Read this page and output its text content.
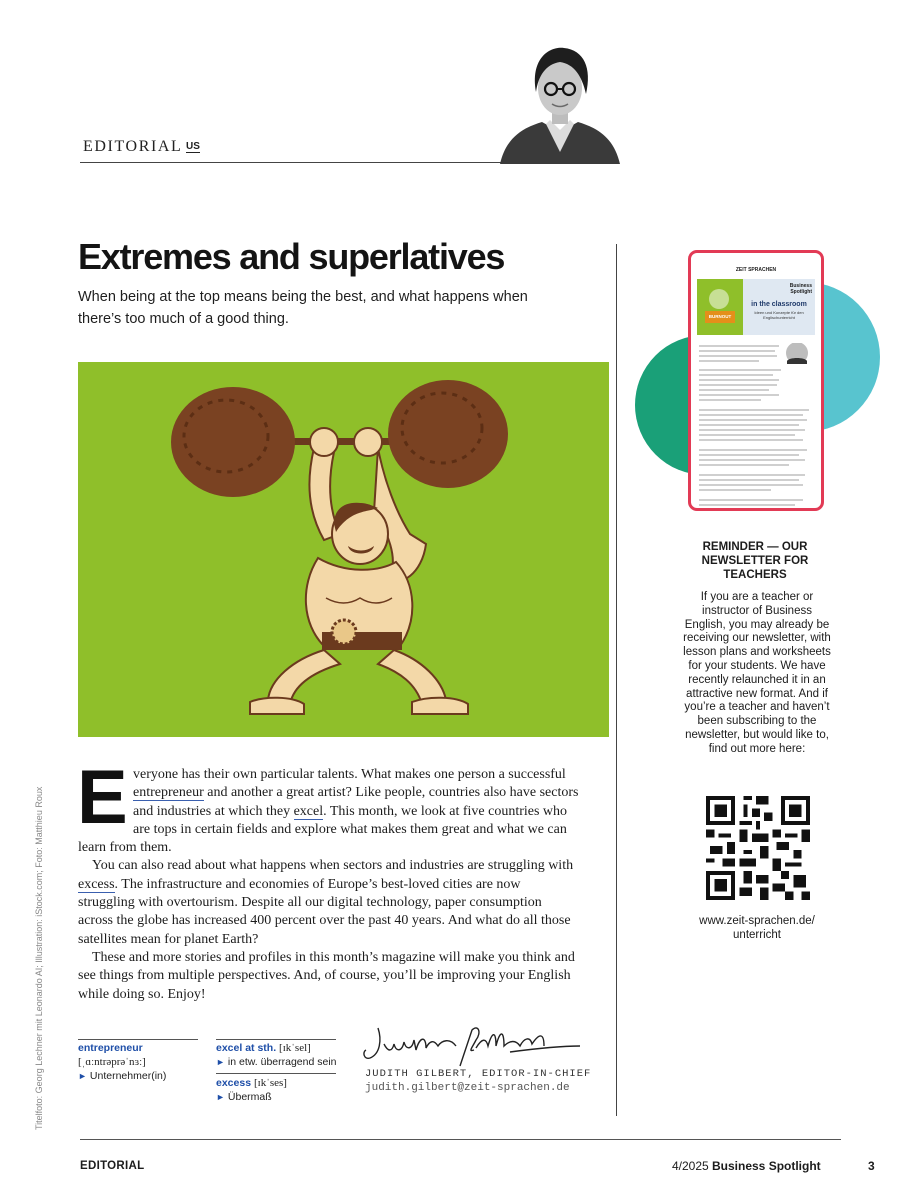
EDITORIAL US
Extremes and superlatives
When being at the top means being the best, and what happens when there’s too much of a good thing.

Everyone has their own particular talents. What makes one person a successful entrepreneur and another a great artist? Like people, countries also have sectors and industries at which they excel. This month, we look at five countries who are tops in certain fields and explore what makes them great and what we can learn from them.

You can also read about what happens when sectors and industries are struggling with excess. The infrastructure and economies of Europe’s best-loved cities are now struggling with overtourism. Despite all our digital technology, paper consumption across the globe has increased 400 percent over the past 40 years. And what do all those satellites mean for planet Earth?

These and more stories and profiles in this month’s magazine will make you think and see things from multiple perspectives. And, of course, you’ll be improving your English while doing so. Enjoy!

entrepreneur
[ˌɑːntrəprəˈnɜː]
► Unternehmer(in)
excel at sth. [ɪkˈsel]
► in etw. überragend sein
excess [ɪkˈses]
► Übermaß
JUDITH GILBERT, EDITOR-IN-CHIEF
judith.gilbert@zeit-sprachen.de
ZEIT SPRACHEN
BURNOUT
Business
Spotlight
in the classroom
Ideen und Konzepte für den Englischunterricht
REMINDER — OUR NEWSLETTER FOR TEACHERS
If you are a teacher or instructor of Business English, you may already be receiving our newsletter, with lesson plans and worksheets for your students. We have recently relaunched it in an attractive new format. And if you’re a teacher and haven’t been subscribing to the newsletter, but would like to, find out more here:
www.zeit-sprachen.de/ unterricht
Titelfoto: Georg Lechner mit Leonardo AI; Illustration: iStock.com; Foto: Matthieu Roux
EDITORIAL	4/2025 Business Spotlight	3
